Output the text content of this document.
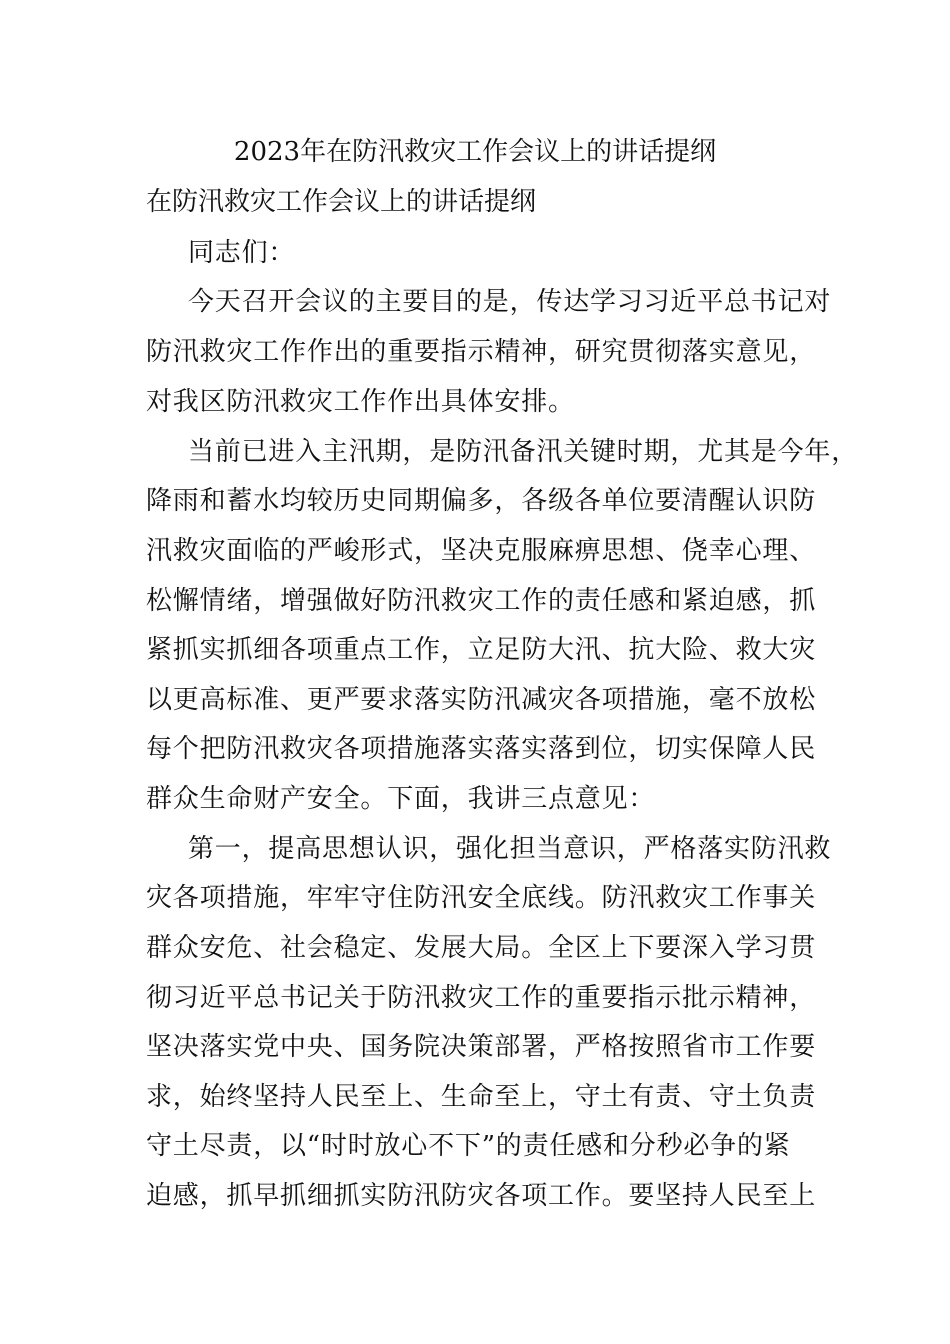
2023年在防汛救灾工作会议上的讲话提纲
在防汛救灾工作会议上的讲话提纲
同志们：
今天召开会议的主要目的是，传达学习习近平总书记对
防汛救灾工作作出的重要指示精神，研究贯彻落实意见，
对我区防汛救灾工作作出具体安排。
当前已进入主汛期，是防汛备汛关键时期，尤其是今年，
降雨和蓄水均较历史同期偏多，各级各单位要清醒认识防
汛救灾面临的严峻形式，坚决克服麻痹思想、侥幸心理、
松懈情绪，增强做好防汛救灾工作的责任感和紧迫感，抓
紧抓实抓细各项重点工作，立足防大汛、抗大险、救大灾
以更高标准、更严要求落实防汛减灾各项措施，毫不放松
每个把防汛救灾各项措施落实落实落到位，切实保障人民
群众生命财产安全。下面，我讲三点意见：
第一，提高思想认识，强化担当意识，严格落实防汛救
灾各项措施，牢牢守住防汛安全底线。防汛救灾工作事关
群众安危、社会稳定、发展大局。全区上下要深入学习贯
彻习近平总书记关于防汛救灾工作的重要指示批示精神，
坚决落实党中央、国务院决策部署，严格按照省市工作要
求，始终坚持人民至上、生命至上，守土有责、守土负责
守土尽责，以“时时放心不下”的责任感和分秒必争的紧
迫感，抓早抓细抓实防汛防灾各项工作。要坚持人民至上
